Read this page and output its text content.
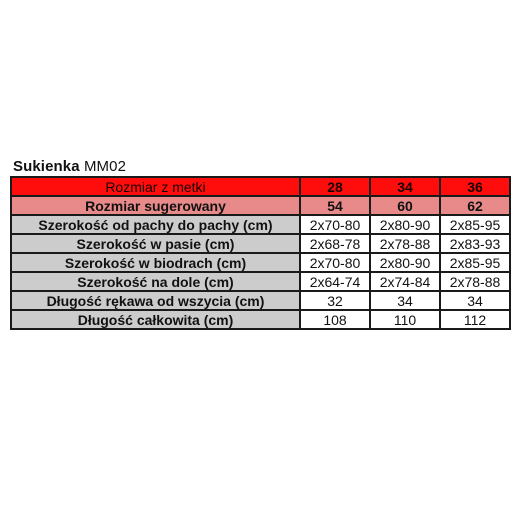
Sukienka MM02
Rozmiar z metki	28	34	36
Rozmiar sugerowany	54	60	62
Szerokość od pachy do pachy (cm)	2x70-80	2x80-90	2x85-95
Szerokość w pasie (cm)	2x68-78	2x78-88	2x83-93
Szerokość w biodrach (cm)	2x70-80	2x80-90	2x85-95
Szerokość na dole (cm)	2x64-74	2x74-84	2x78-88
Długość rękawa od wszycia (cm)	32	34	34
Długość całkowita (cm)	108	110	112
